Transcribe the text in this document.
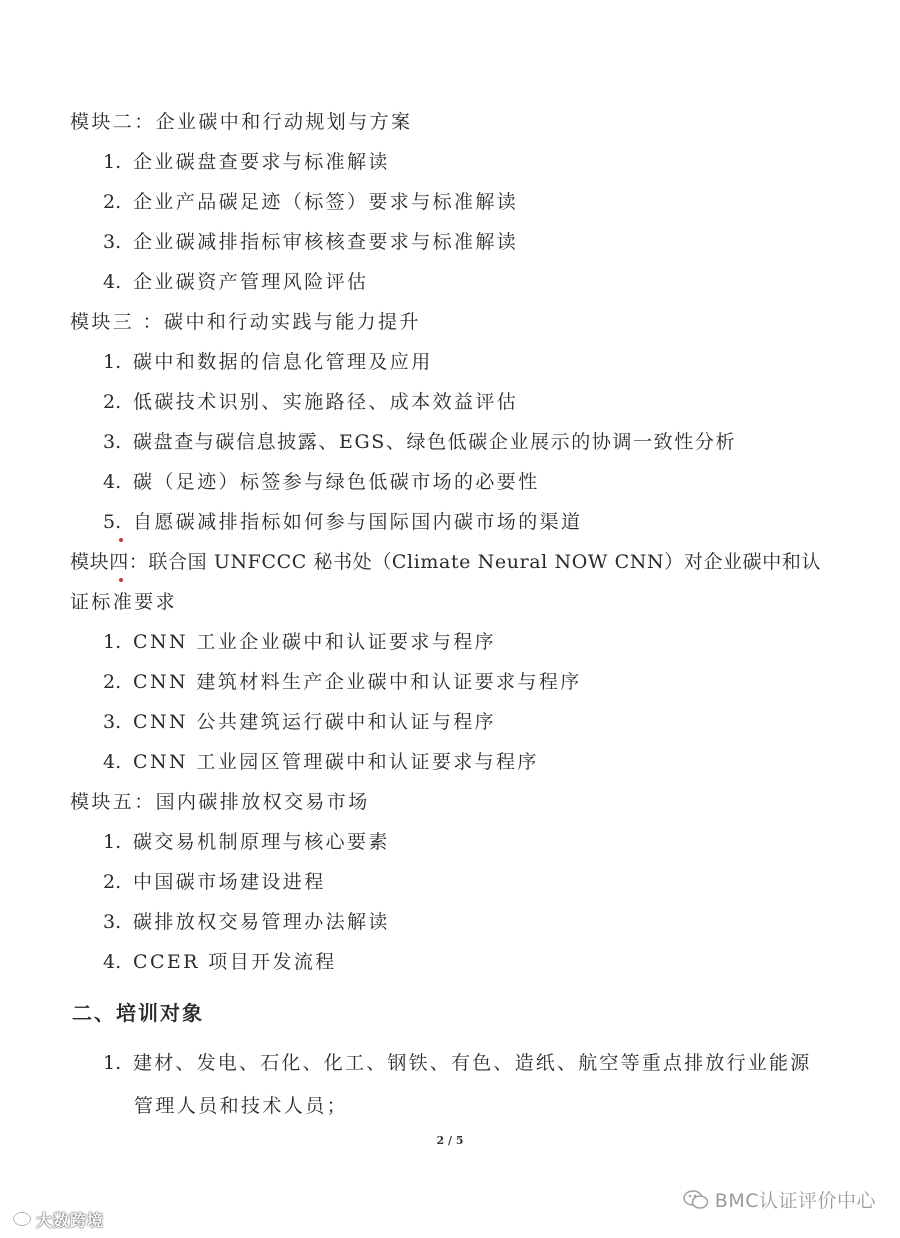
模块二：企业碳中和行动规划与方案
1. 企业碳盘查要求与标准解读
2. 企业产品碳足迹（标签）要求与标准解读
3. 企业碳减排指标审核核查要求与标准解读
4. 企业碳资产管理风险评估
模块三 ：碳中和行动实践与能力提升
1. 碳中和数据的信息化管理及应用
2. 低碳技术识别、实施路径、成本效益评估
3. 碳盘查与碳信息披露、EGS、绿色低碳企业展示的协调一致性分析
4. 碳（足迹）标签参与绿色低碳市场的必要性
5. 自愿碳减排指标如何参与国际国内碳市场的渠道
模块四：联合国 UNFCCC 秘书处（Climate Neural NOW CNN）对企业碳中和认
证标准要求
1. CNN 工业企业碳中和认证要求与程序
2. CNN 建筑材料生产企业碳中和认证要求与程序
3. CNN 公共建筑运行碳中和认证与程序
4. CNN 工业园区管理碳中和认证要求与程序
模块五：国内碳排放权交易市场
1. 碳交易机制原理与核心要素
2. 中国碳市场建设进程
3. 碳排放权交易管理办法解读
4. CCER 项目开发流程
二、培训对象
1. 建材、发电、石化、化工、钢铁、有色、造纸、航空等重点排放行业能源
管理人员和技术人员；
2 / 5
BMC认证评价中心
大数跨境
